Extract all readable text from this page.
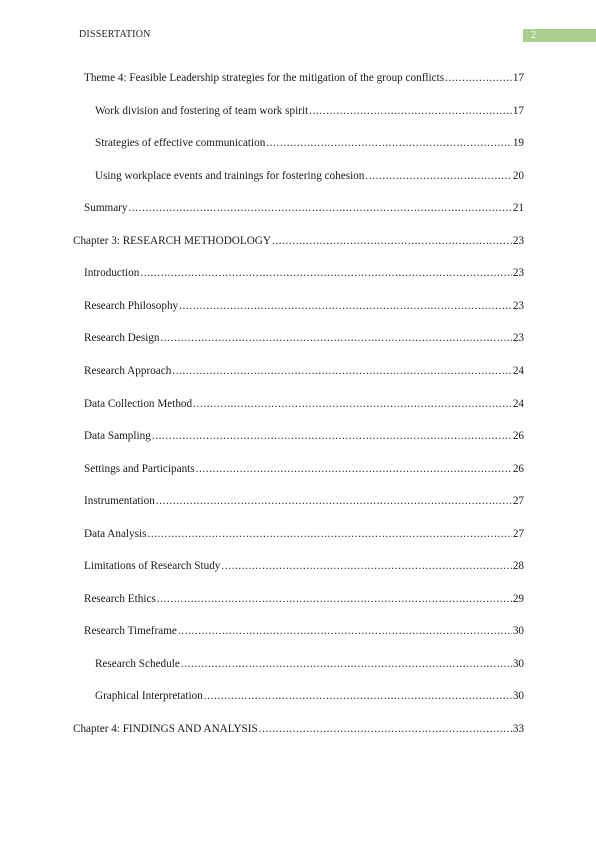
DISSERTATION	2
Theme 4: Feasible Leadership strategies for the mitigation of the group conflicts .....	17
Work division and fostering of team work spirit .....	17
Strategies of effective communication .....	19
Using workplace events and trainings for fostering cohesion .....	20
Summary .....	21
Chapter 3: RESEARCH METHODOLOGY .....	23
Introduction .....	23
Research Philosophy .....	23
Research Design .....	23
Research Approach .....	24
Data Collection Method .....	24
Data Sampling .....	26
Settings and Participants .....	26
Instrumentation .....	27
Data Analysis .....	27
Limitations of Research Study .....	28
Research Ethics .....	29
Research Timeframe .....	30
Research Schedule .....	30
Graphical Interpretation .....	30
Chapter 4: FINDINGS AND ANALYSIS .....	33
